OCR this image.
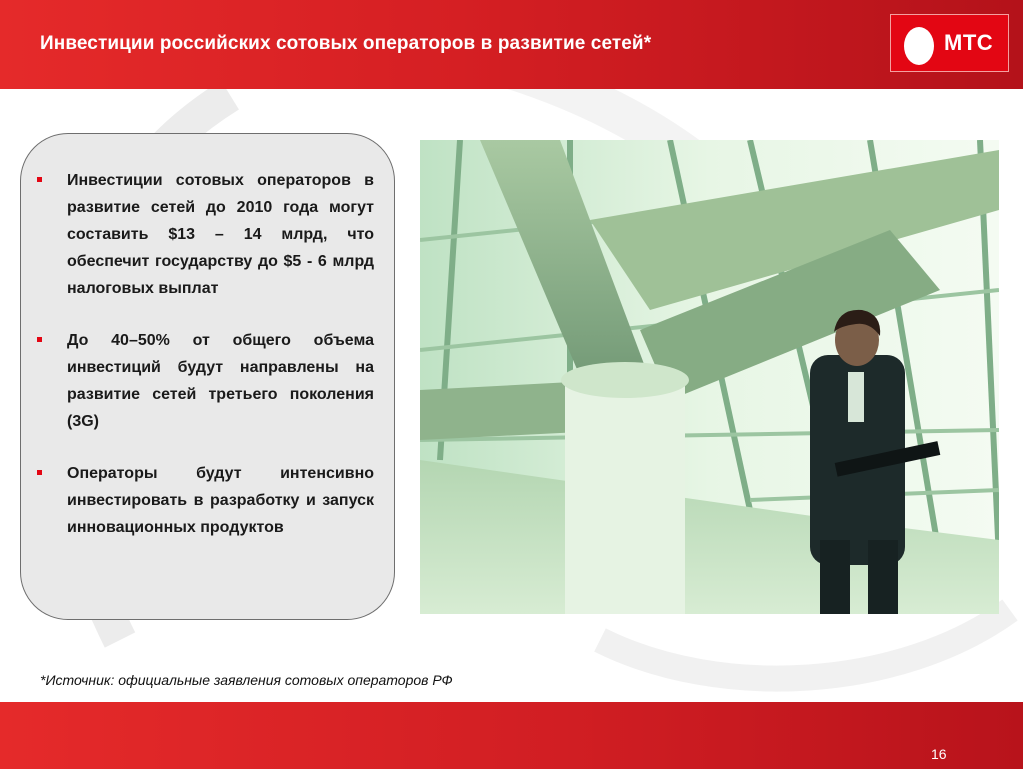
Инвестиции российских сотовых операторов в развитие сетей*	МТС
Инвестиции сотовых операторов в развитие сетей до 2010 года могут составить $13 – 14 млрд, что обеспечит государству до $5 - 6 млрд налоговых выплат
До 40–50% от общего объема инвестиций будут направлены на развитие сетей третьего поколения (3G)
Операторы будут интенсивно инвестировать в разработку и запуск инновационных продуктов
*Источник: официальные заявления сотовых операторов РФ
16
